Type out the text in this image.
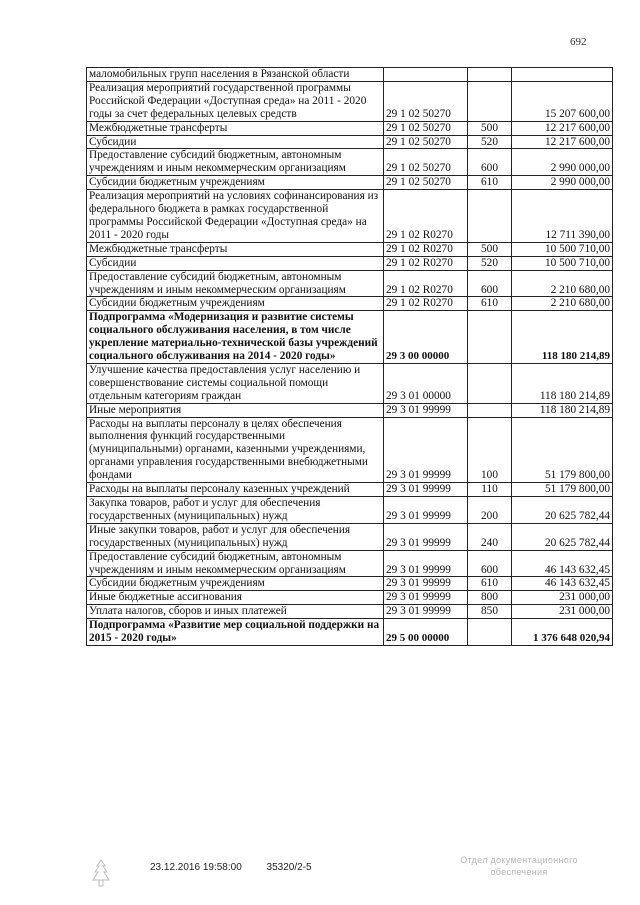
692
маломобильных групп населения в Рязанской области			
Реализация мероприятий государственной программы Российской Федерации «Доступная среда» на 2011 - 2020 годы за счет федеральных целевых средств	29 1 02 50270		15 207 600,00
Межбюджетные трансферты	29 1 02 50270	500	12 217 600,00
Субсидии	29 1 02 50270	520	12 217 600,00
Предоставление субсидий бюджетным, автономным учреждениям и иным некоммерческим организациям	29 1 02 50270	600	2 990 000,00
Субсидии бюджетным учреждениям	29 1 02 50270	610	2 990 000,00
Реализация мероприятий на условиях софинансирования из федерального бюджета в рамках государственной программы Российской Федерации «Доступная среда» на 2011 - 2020 годы	29 1 02 R0270		12 711 390,00
Межбюджетные трансферты	29 1 02 R0270	500	10 500 710,00
Субсидии	29 1 02 R0270	520	10 500 710,00
Предоставление субсидий бюджетным, автономным учреждениям и иным некоммерческим организациям	29 1 02 R0270	600	2 210 680,00
Субсидии бюджетным учреждениям	29 1 02 R0270	610	2 210 680,00
Подпрограмма «Модернизация и развитие системы социального обслуживания населения, в том числе укрепление материально-технической базы учреждений социального обслуживания на 2014 - 2020 годы»	29 3 00 00000		118 180 214,89
Улучшение качества предоставления услуг населению и совершенствование системы социальной помощи отдельным категориям граждан	29 3 01 00000		118 180 214,89
Иные мероприятия	29 3 01 99999		118 180 214,89
Расходы на выплаты персоналу в целях обеспечения выполнения функций государственными (муниципальными) органами, казенными учреждениями, органами управления государственными внебюджетными фондами	29 3 01 99999	100	51 179 800,00
Расходы на выплаты персоналу казенных учреждений	29 3 01 99999	110	51 179 800,00
Закупка товаров, работ и услуг для обеспечения государственных (муниципальных) нужд	29 3 01 99999	200	20 625 782,44
Иные закупки товаров, работ и услуг для обеспечения государственных (муниципальных) нужд	29 3 01 99999	240	20 625 782,44
Предоставление субсидий бюджетным, автономным учреждениям и иным некоммерческим организациям	29 3 01 99999	600	46 143 632,45
Субсидии бюджетным учреждениям	29 3 01 99999	610	46 143 632,45
Иные бюджетные ассигнования	29 3 01 99999	800	231 000,00
Уплата налогов, сборов и иных платежей	29 3 01 99999	850	231 000,00
Подпрограмма «Развитие мер социальной поддержки на 2015 - 2020 годы»	29 5 00 00000		1 376 648 020,94
23.12.2016 19:58:00 35320/2-5
Отдел документационного обеспечения
